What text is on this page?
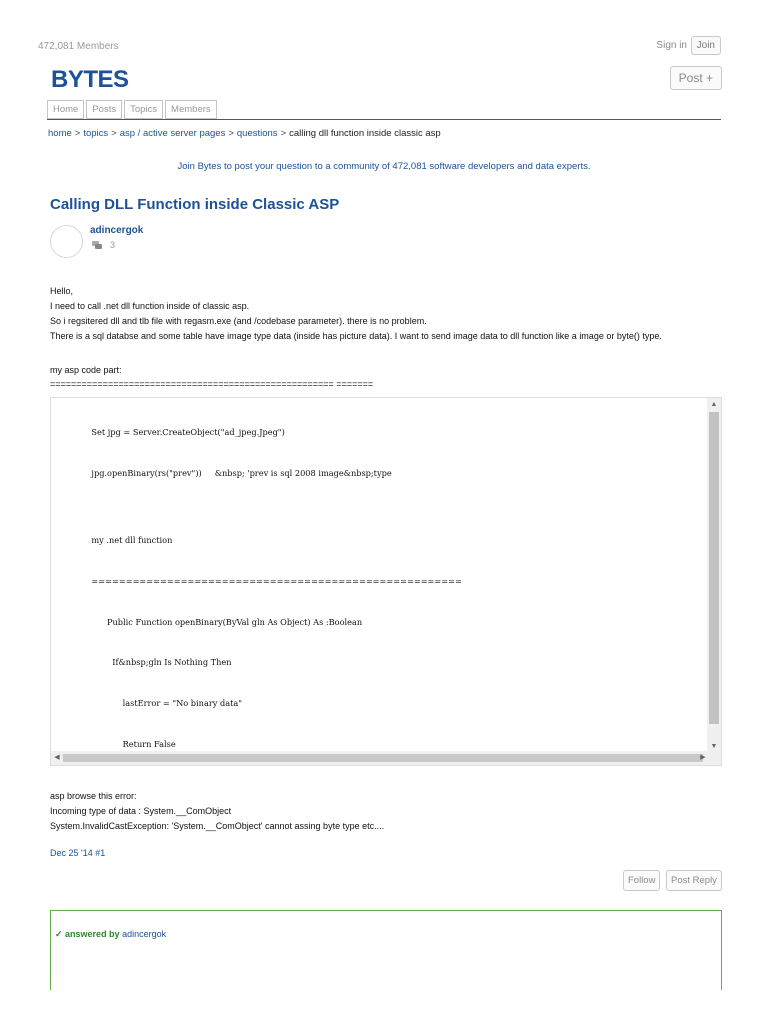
472,081 Members	Sign in Join
BYTES	Post +
Home	Posts	Topics	Members
home > topics > asp / active server pages > questions > calling dll function inside classic asp
Join Bytes to post your question to a community of 472,081 software developers and data experts.
Calling DLL Function inside Classic ASP
adincergok
3
Hello,
I need to call .net dll function inside of classic asp.
So i regsitered dll and tlb file with regasm.exe (and /codebase parameter). there is no problem.
There is a sql databse and some table have image type data (inside has picture data). I want to send image data to dll function like a image or byte() type.
my asp code part:
====================================================== =======

Set jpg = Server.CreateObject("ad_jpeg.Jpeg")

jpg.openBinary(rs("prev"))     &nbsp; 'prev is sql 2008 image&nbsp;type

my .net dll function

======================================================

Public Function openBinary(ByVal gln As Object) As :Boolean

If&nbsp;gln Is Nothing Then

lastError = "No binary data"

Return False

▲
▼
◀	▶
asp browse this error:
Incoming type of data : System.__ComObject
System.InvalidCastException: 'System.__ComObject' cannot assing byte type etc....
Dec 25 '14 #1
Follow	Post Reply
✓ answered by adincergok
